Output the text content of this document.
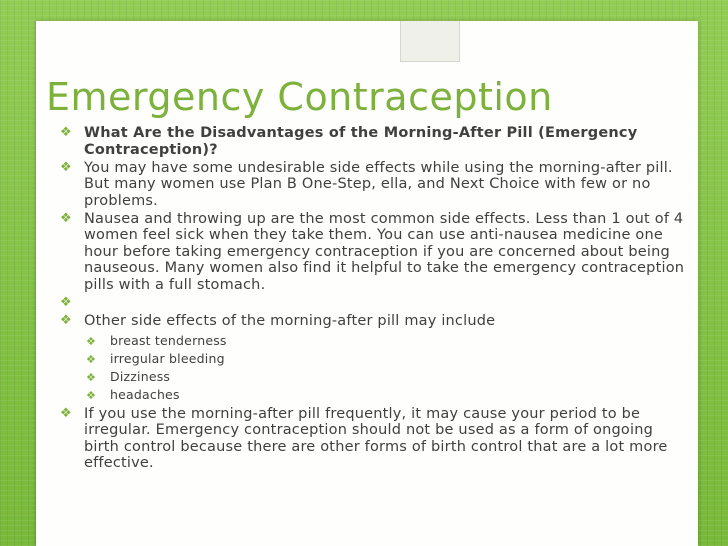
Emergency Contraception
❖ What Are the Disadvantages of the Morning-After Pill (Emergency Contraception)?
❖ You may have some undesirable side effects while using the morning-after pill. But many women use Plan B One-Step, ella, and Next Choice with few or no problems.
❖ Nausea and throwing up are the most common side effects. Less than 1 out of 4 women feel sick when they take them. You can use anti-nausea medicine one hour before taking emergency contraception if you are concerned about being nauseous. Many women also find it helpful to take the emergency contraception pills with a full stomach.
❖
❖ Other side effects of the morning-after pill may include
❖ breast tenderness
❖ irregular bleeding
❖ Dizziness
❖ headaches
❖ If you use the morning-after pill frequently, it may cause your period to be irregular. Emergency contraception should not be used as a form of ongoing birth control because there are other forms of birth control that are a lot more effective.
